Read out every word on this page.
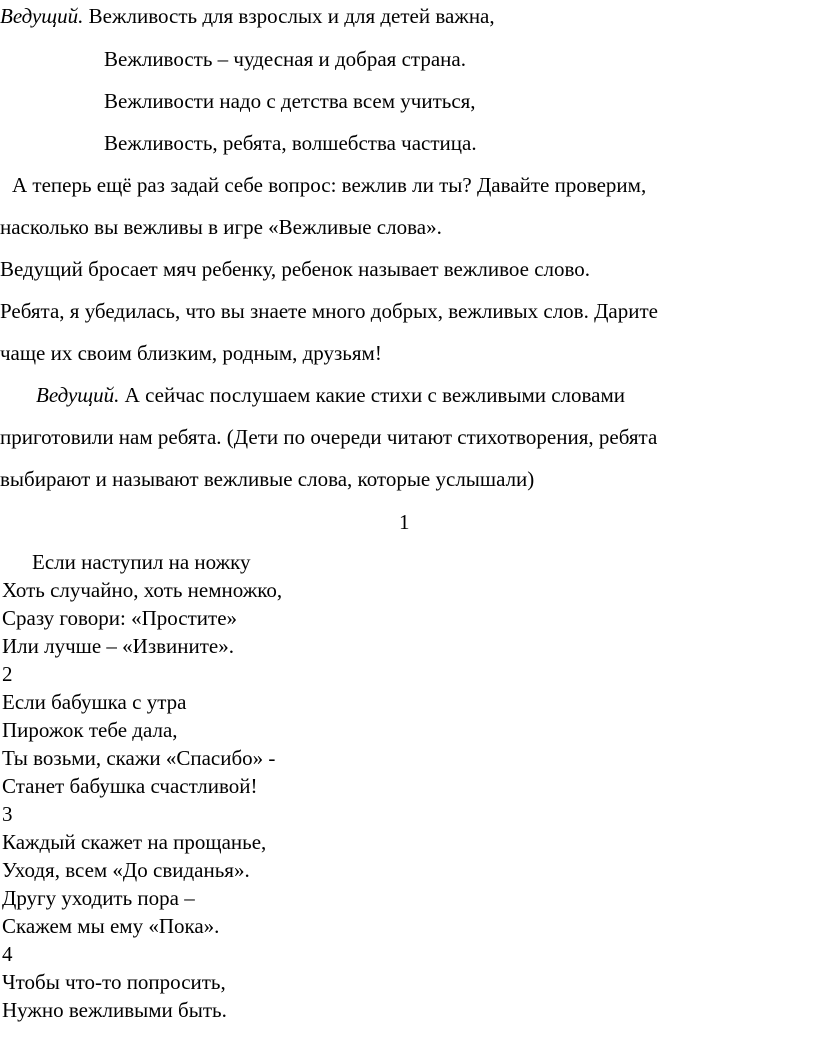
Ведущий. Вежливость для взрослых и для детей важна,
Вежливость – чудесная и добрая страна.
Вежливости надо с детства всем учиться,
Вежливость, ребята, волшебства частица.
А теперь ещё раз задай себе вопрос: вежлив ли ты? Давайте проверим,
насколько вы вежливы в игре «Вежливые слова».
Ведущий бросает мяч ребенку, ребенок называет вежливое слово.
Ребята, я убедилась, что вы знаете много добрых, вежливых слов. Дарите
чаще их своим близким, родным, друзьям!
Ведущий. А сейчас послушаем какие стихи с вежливыми словами
приготовили нам ребята. (Дети по очереди читают стихотворения, ребята
выбирают и называют вежливые слова, которые услышали)
1
Если наступил на ножку
Хоть случайно, хоть немножко,
Сразу говори: «Простите»
Или лучше – «Извините».
2
Если бабушка с утра
Пирожок тебе дала,
Ты возьми, скажи «Спасибо» -
Станет бабушка счастливой!
3
Каждый скажет на прощанье,
Уходя, всем «До свиданья».
Другу уходить пора –
Скажем мы ему «Пока».
4
Чтобы что-то попросить,
Нужно вежливыми быть.
